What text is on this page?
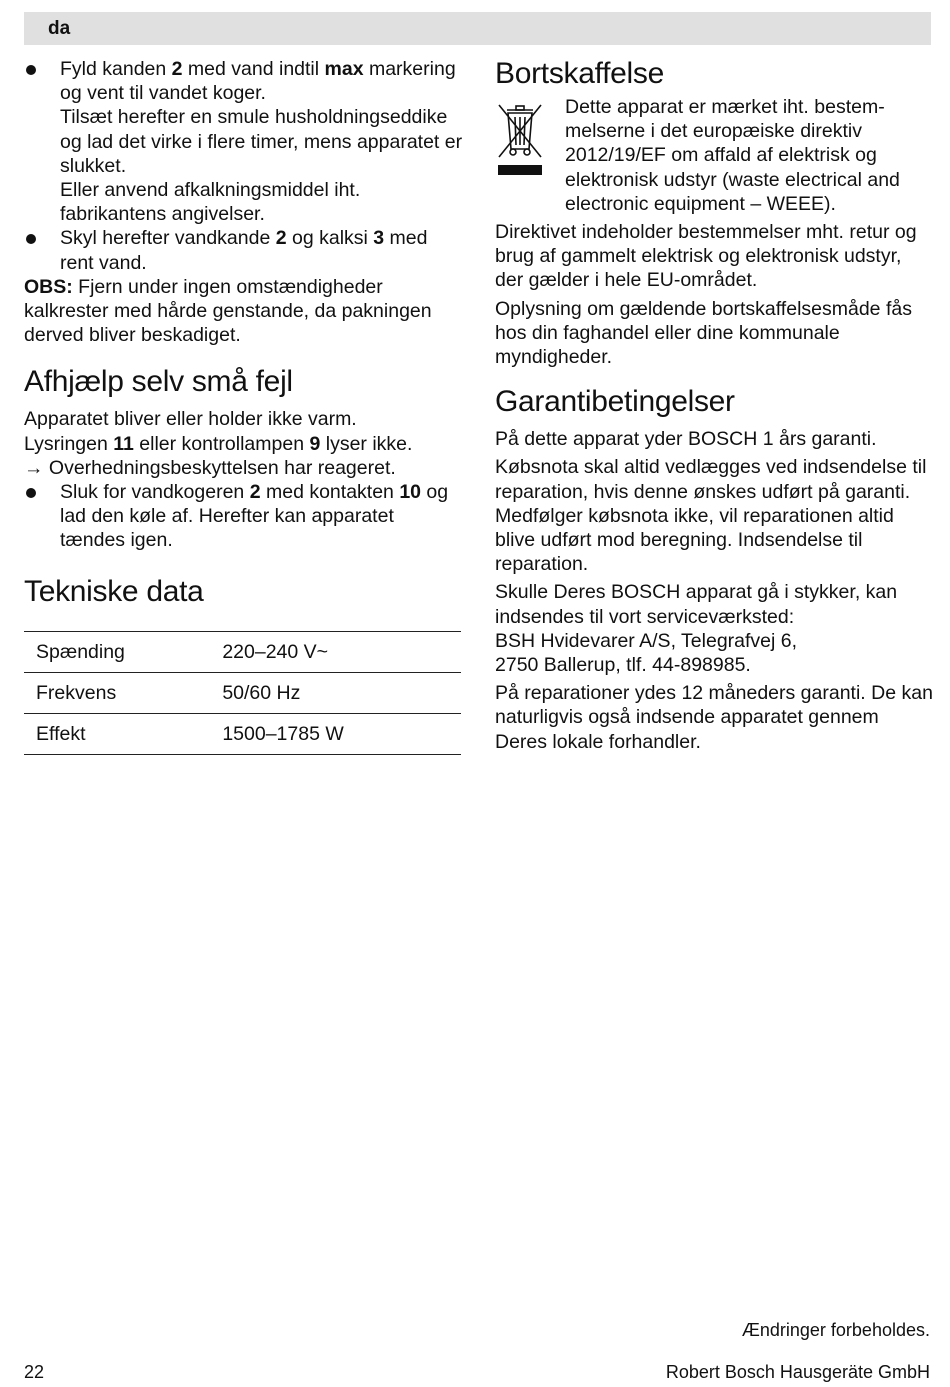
da

Fyld kanden 2 med vand indtil max markering og vent til vandet koger.

Tilsæt herefter en smule husholdningseddike og lad det virke i flere timer, mens apparatet er slukket.

Eller anvend afkalkningsmiddel iht. fabrikantens angivelser.

Skyl herefter vandkande 2 og kalksi 3 med rent vand.

OBS: Fjern under ingen omstændigheder kalkrester med hårde genstande, da pakningen derved bliver beskadiget.

Afhjælp selv små fejl

Apparatet bliver eller holder ikke varm.

Lysringen 11 eller kontrollampen 9 lyser ikke.

→ Overhedningsbeskyttelsen har reageret.

Sluk for vandkogeren 2 med kontakten 10 og lad den køle af. Herefter kan apparatet tændes igen.

Tekniske data
Spænding	220–240 V~
Frekvens	50/60 Hz
Effekt	1500–1785 W
Bortskaffelse

Dette apparat er mærket iht. bestemmelserne i det europæiske direktiv 2012/19/EF om affald af elektrisk og elektronisk udstyr (waste electrical and electronic equipment – WEEE).

Direktivet indeholder bestemmelser mht. retur og brug af gammelt elektrisk og elektronisk udstyr, der gælder i hele EU-området.

Oplysning om gældende bortskaffelsesmåde fås hos din faghandel eller dine kommunale myndigheder.

Garantibetingelser

På dette apparat yder BOSCH 1 års garanti.

Købsnota skal altid vedlægges ved indsendelse til reparation, hvis denne ønskes udført på garanti. Medfølger købsnota ikke, vil reparationen altid blive udført mod beregning. Indsendelse til reparation.

Skulle Deres BOSCH apparat gå i stykker, kan indsendes til vort serviceværksted:

BSH Hvidevarer A/S, Telegrafvej 6,

2750 Ballerup, tlf. 44-898985.

På reparationer ydes 12 måneders garanti. De kan naturligvis også indsende apparatet gennem Deres lokale forhandler.

Ændringer forbeholdes.
22	Robert Bosch Hausgeräte GmbH
